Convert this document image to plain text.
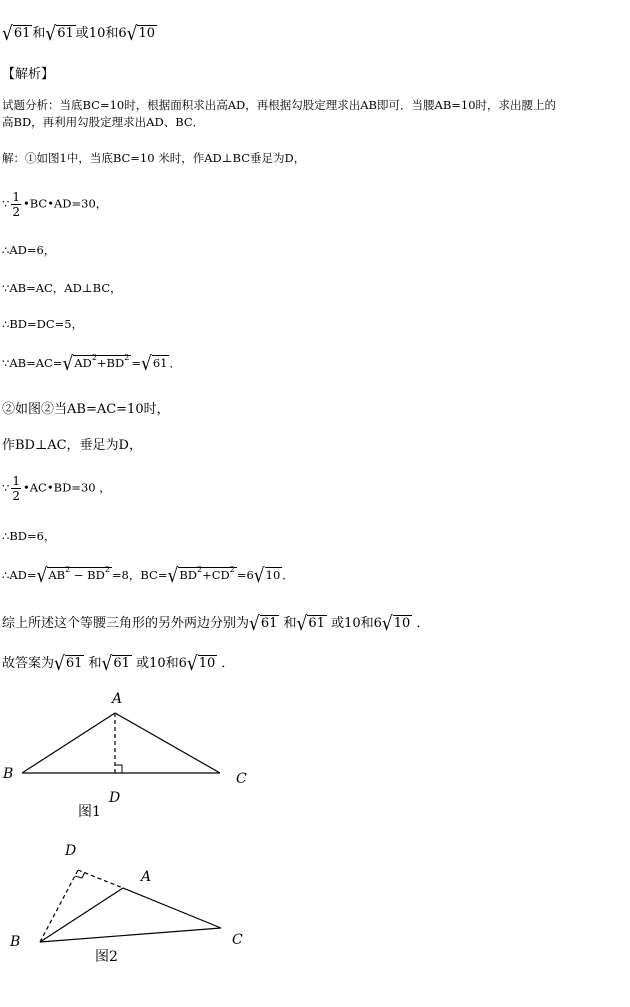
√61 和√61 或10和6√10
【解析】
试题分析：当底BC=10时，根据面积求出高AD，再根据勾股定理求出AB即可．当腰AB=10时，求出腰上的
高BD，再利用勾股定理求出AD、BC．
解：①如图1中，当底BC=10 米时，作AD⊥BC垂足为D，
∵ $\frac{1}{2}$ •BC•AD=30，
∴AD=6，
∵AB=AC，AD⊥BC，
∴BD=DC=5，
$\because AB=AC=√AD^2+BD^2 =√61$ ．
②如图②当AB=AC=10时，
作BD⊥AC，垂足为D，
∵ $\frac{1}{2}$ •AC•BD=30 ，
∴BD=6，
$\therefore AD=√AB^2 - BD^2 =8$，$BC=√BD^2+CD^2 =6√10$ ．
综上所述这个等腰三角形的另外两边分别为√61 和√61 或10和6√10 ．
故答案为√61 和√61 或10和6√10 ．
A
B	C
D
图1
D
A
B	C
图2
